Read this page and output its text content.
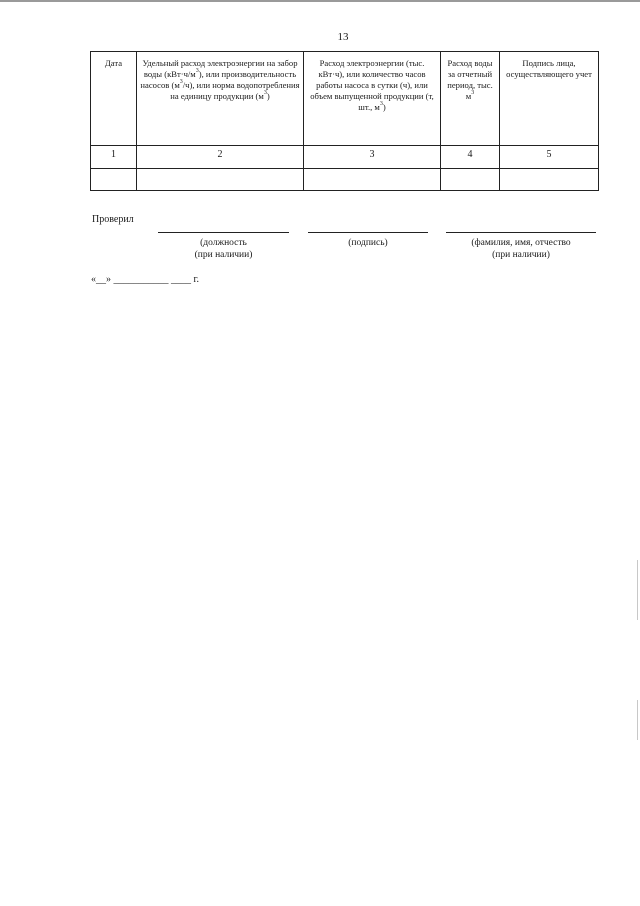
13
Дата	Удельный расход электроэнергии на забор воды $(кВт\cdot ч/м^3)$, или производительность насосов $(м^3/ч)$, или норма водопотребления на единицу продукции $(м^3)$	Расход электроэнергии (тыс. кВт·ч), или количество часов работы насоса в сутки (ч), или объем выпущенной продукции (т, шт., $м^3$)	Расход воды за отчетный период, тыс. $м^3$	Подпись лица, осуществляющего учет
1	2	3	4	5

Проверил
(должность
(при наличии)
(подпись)	(фамилия, имя, отчество
(при наличии)
«__» ___________ ____ г.
